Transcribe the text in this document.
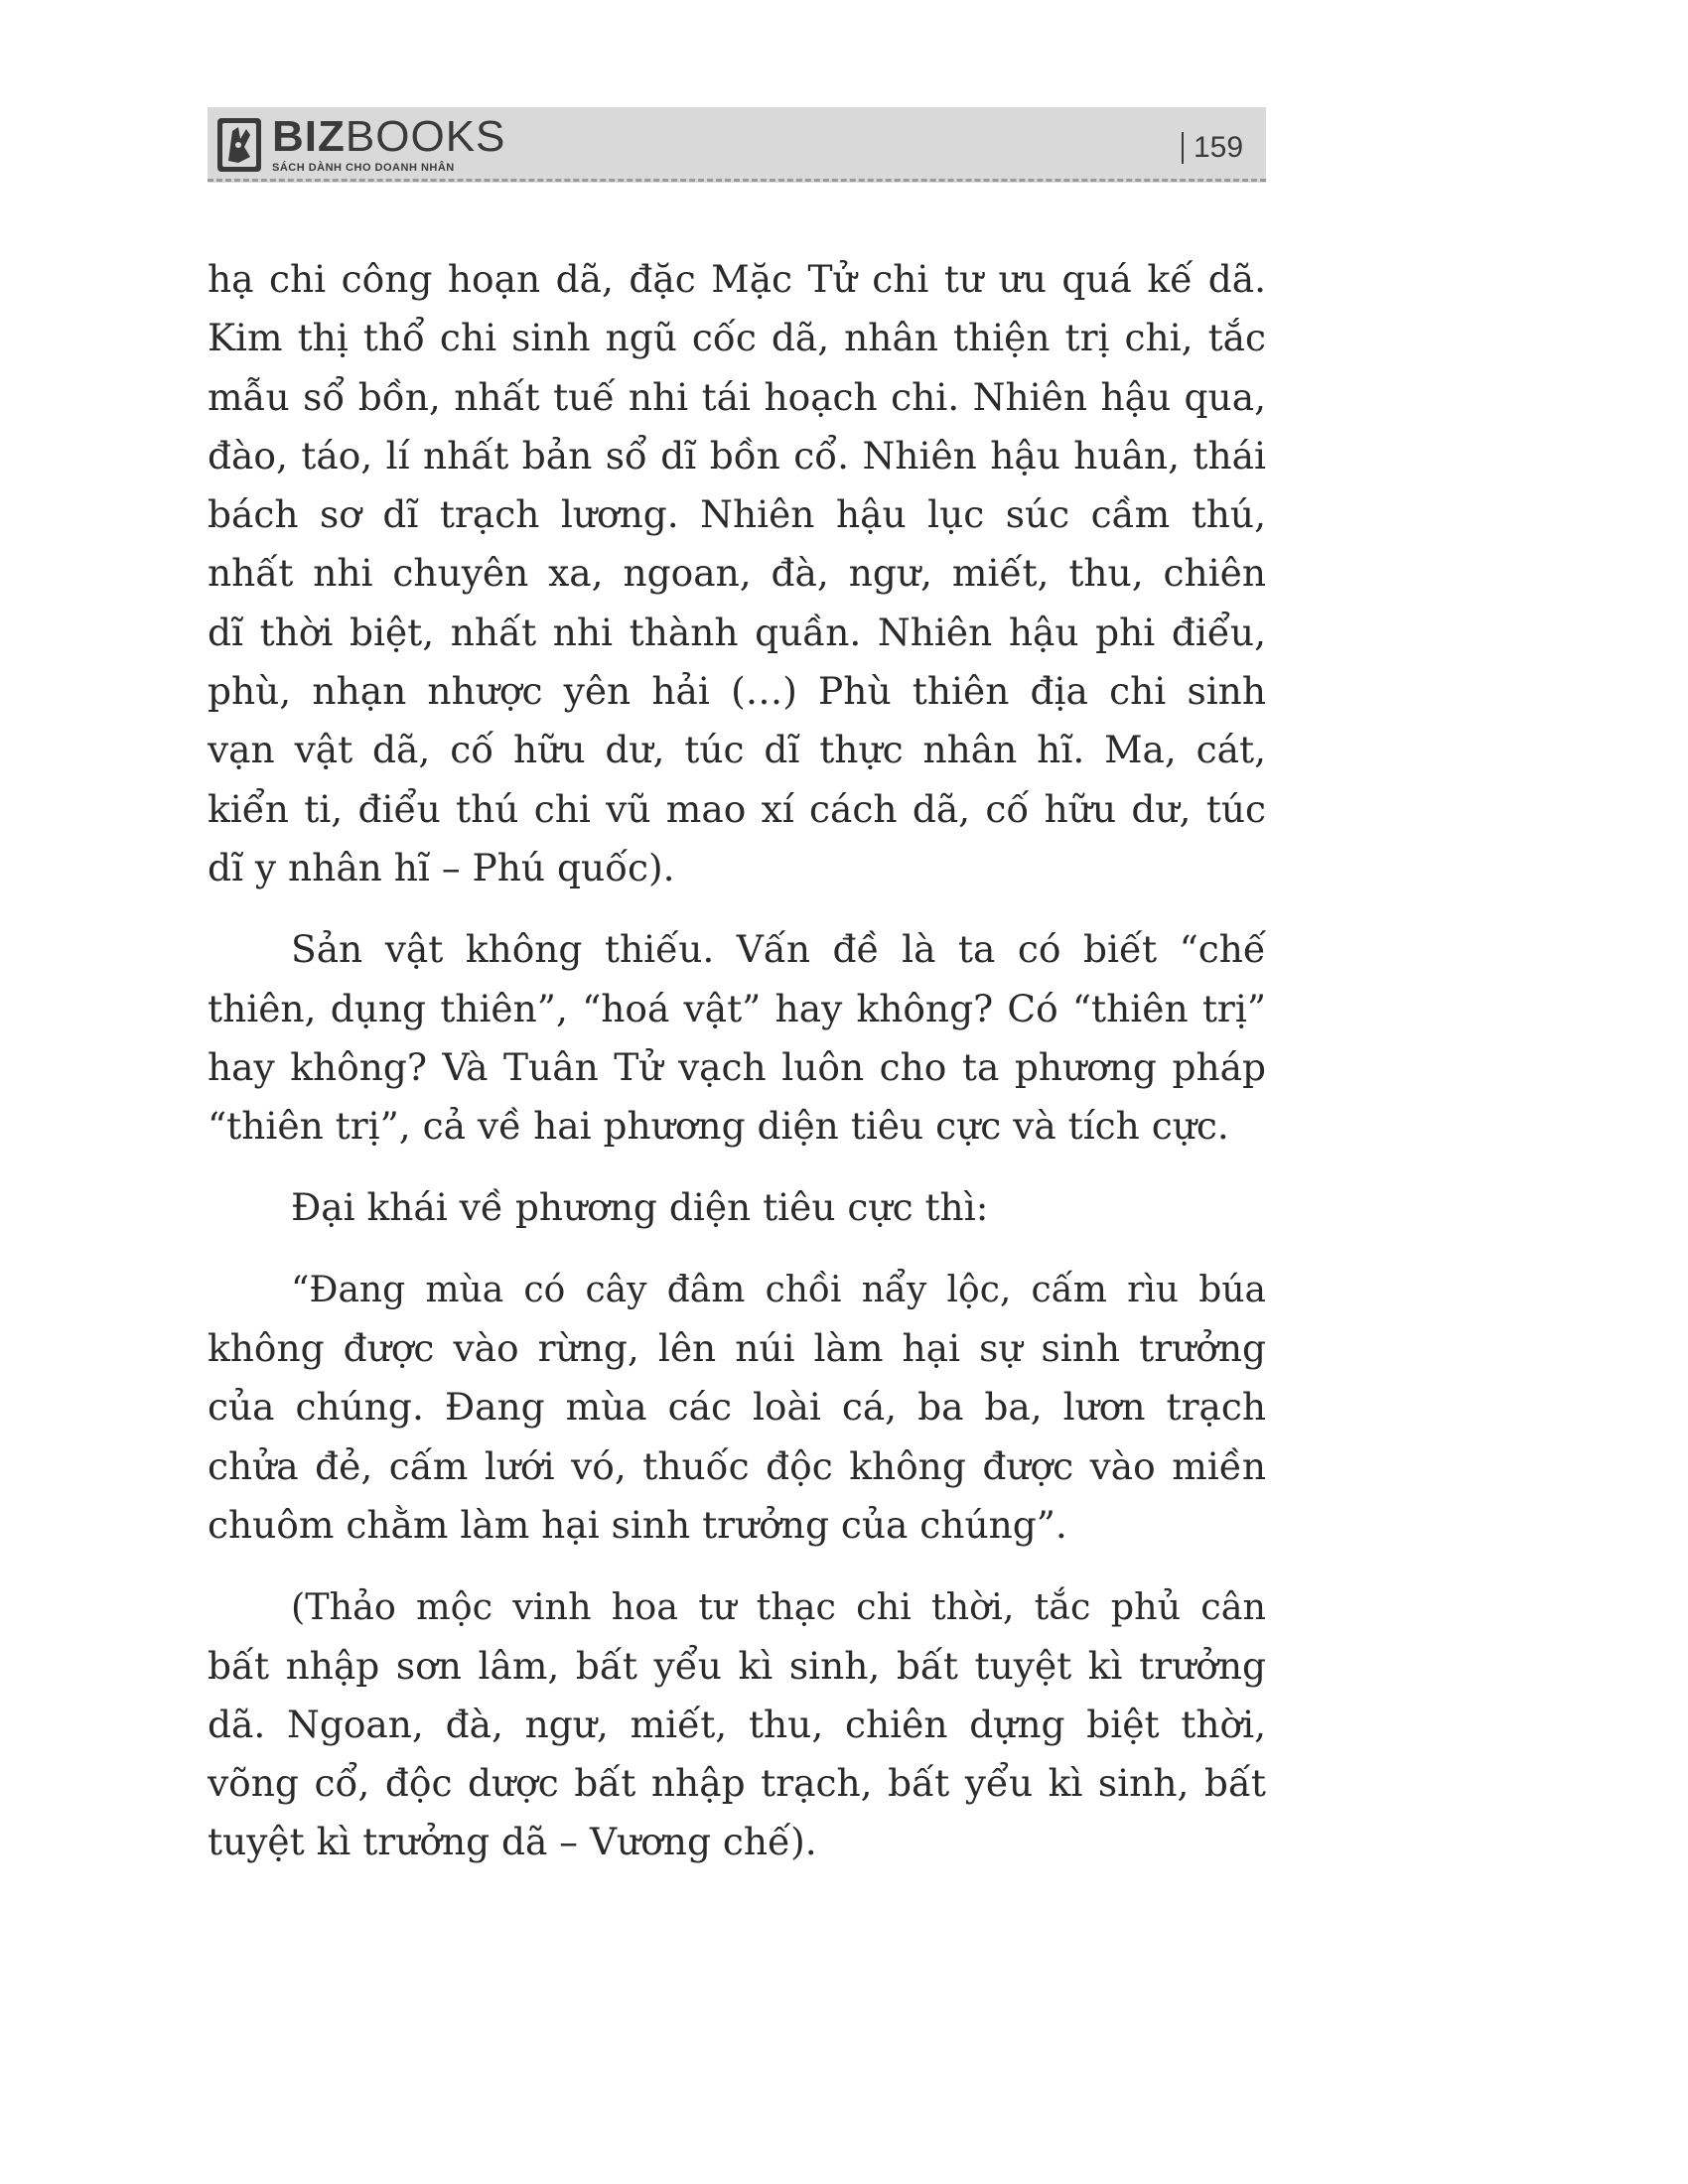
BIZ BOOKS
SÁCH DÀNH CHO DOANH NHÂN
159
hạ chi công hoạn dã, đặc Mặc Tử chi tư ưu quá kế dã.
Kim thị thổ chi sinh ngũ cốc dã, nhân thiện trị chi, tắc
mẫu sổ bồn, nhất tuế nhi tái hoạch chi. Nhiên hậu qua,
đào, táo, lí nhất bản sổ dĩ bồn cổ. Nhiên hậu huân, thái
bách sơ dĩ trạch lương. Nhiên hậu lục súc cầm thú,
nhất nhi chuyên xa, ngoan, đà, ngư, miết, thu, chiên
dĩ thời biệt, nhất nhi thành quần. Nhiên hậu phi điểu,
phù, nhạn nhược yên hải (…) Phù thiên địa chi sinh
vạn vật dã, cố hữu dư, túc dĩ thực nhân hĩ. Ma, cát,
kiển ti, điểu thú chi vũ mao xí cách dã, cố hữu dư, túc
dĩ y nhân hĩ – Phú quốc).
Sản vật không thiếu. Vấn đề là ta có biết “chế
thiên, dụng thiên”, “hoá vật” hay không? Có “thiên trị”
hay không? Và Tuân Tử vạch luôn cho ta phương pháp
“thiên trị”, cả về hai phương diện tiêu cực và tích cực.
Đại khái về phương diện tiêu cực thì:
“Đang mùa có cây đâm chồi nẩy lộc, cấm rìu búa
không được vào rừng, lên núi làm hại sự sinh trưởng
của chúng. Đang mùa các loài cá, ba ba, lươn trạch
chửa đẻ, cấm lưới vó, thuốc độc không được vào miền
chuôm chằm làm hại sinh trưởng của chúng”.
(Thảo mộc vinh hoa tư thạc chi thời, tắc phủ cân
bất nhập sơn lâm, bất yểu kì sinh, bất tuyệt kì trưởng
dã. Ngoan, đà, ngư, miết, thu, chiên dựng biệt thời,
võng cổ, độc dược bất nhập trạch, bất yểu kì sinh, bất
tuyệt kì trưởng dã – Vương chế).
